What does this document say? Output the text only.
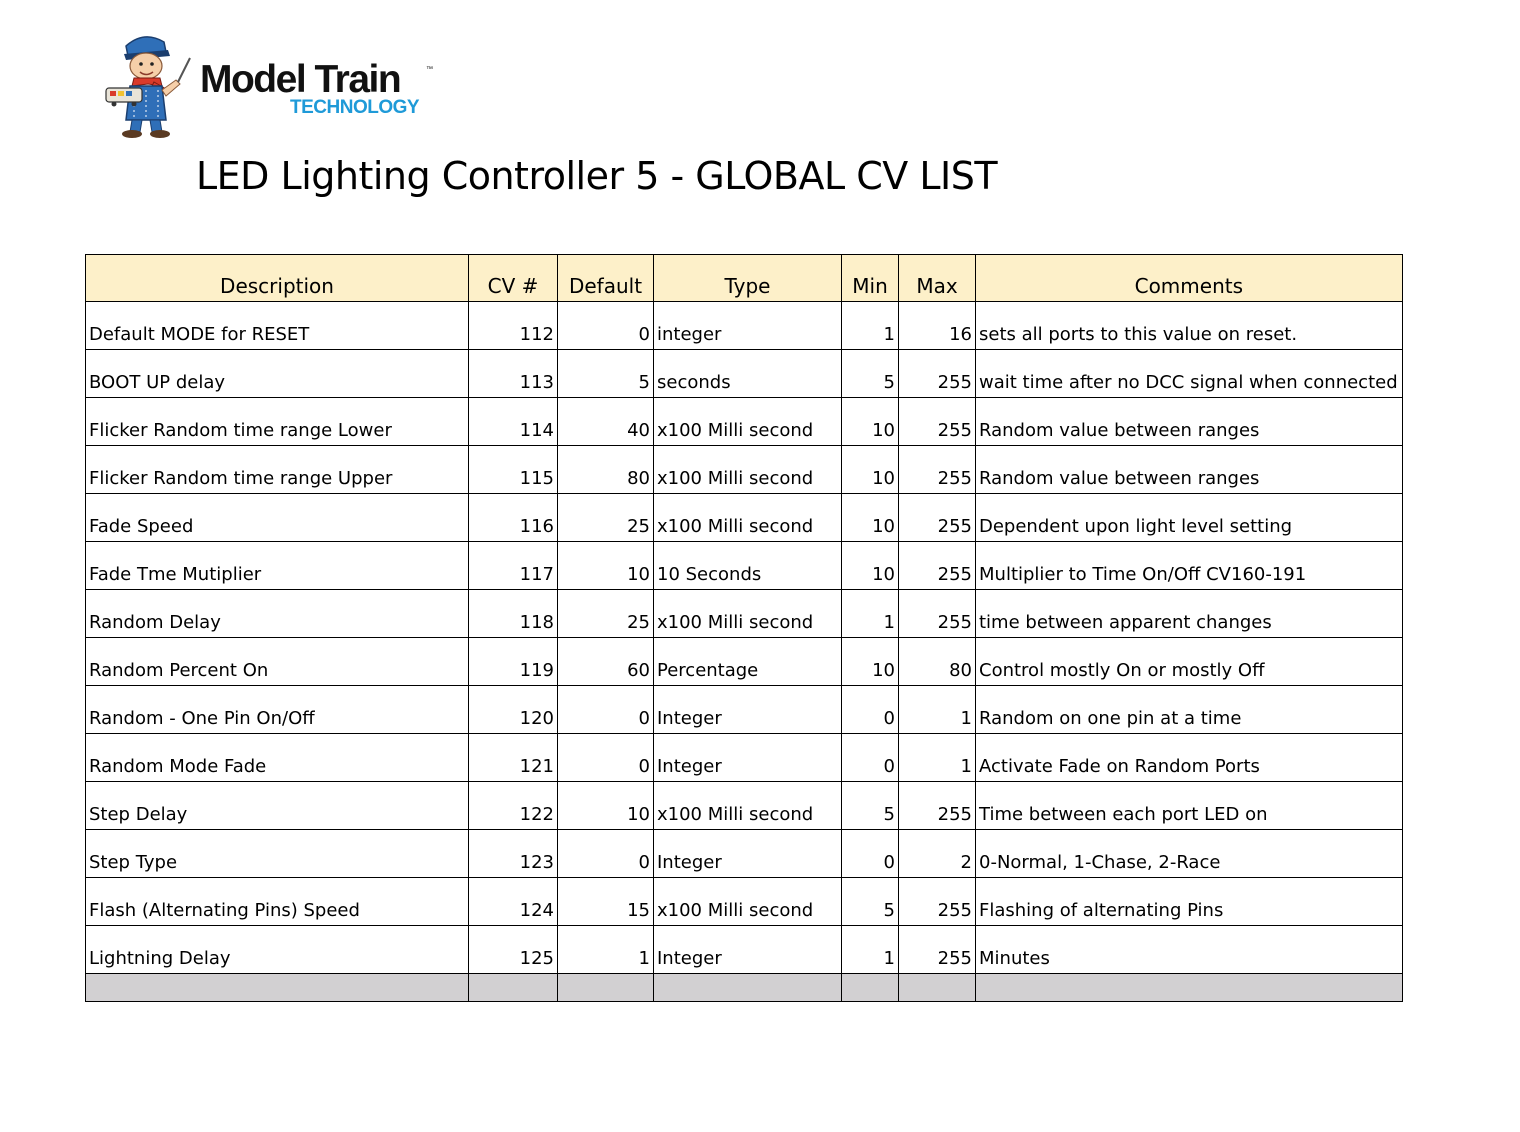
Model Train	™
TECHNOLOGY
LED Lighting Controller 5 - GLOBAL CV LIST
Description	CV #	Default	Type	Min	Max	Comments
Default MODE for RESET	112	0	integer	1	16	sets all ports to this value on reset.
BOOT UP delay	113	5	seconds	5	255	wait time after no DCC signal when connected
Flicker Random time range Lower	114	40	x100 Milli second	10	255	Random value between ranges
Flicker Random time range Upper	115	80	x100 Milli second	10	255	Random value between ranges
Fade Speed	116	25	x100 Milli second	10	255	Dependent upon light level setting
Fade Tme Mutiplier	117	10	10 Seconds	10	255	Multiplier to Time On/Off CV160-191
Random Delay	118	25	x100 Milli second	1	255	time between apparent changes
Random Percent On	119	60	Percentage	10	80	Control mostly On or mostly Off
Random - One Pin On/Off	120	0	Integer	0	1	Random on one pin at a time
Random Mode Fade	121	0	Integer	0	1	Activate Fade on Random Ports
Step Delay	122	10	x100 Milli second	5	255	Time between each port LED on
Step Type	123	0	Integer	0	2	0-Normal, 1-Chase, 2-Race
Flash (Alternating Pins) Speed	124	15	x100 Milli second	5	255	Flashing of alternating Pins
Lightning Delay	125	1	Integer	1	255	Minutes
